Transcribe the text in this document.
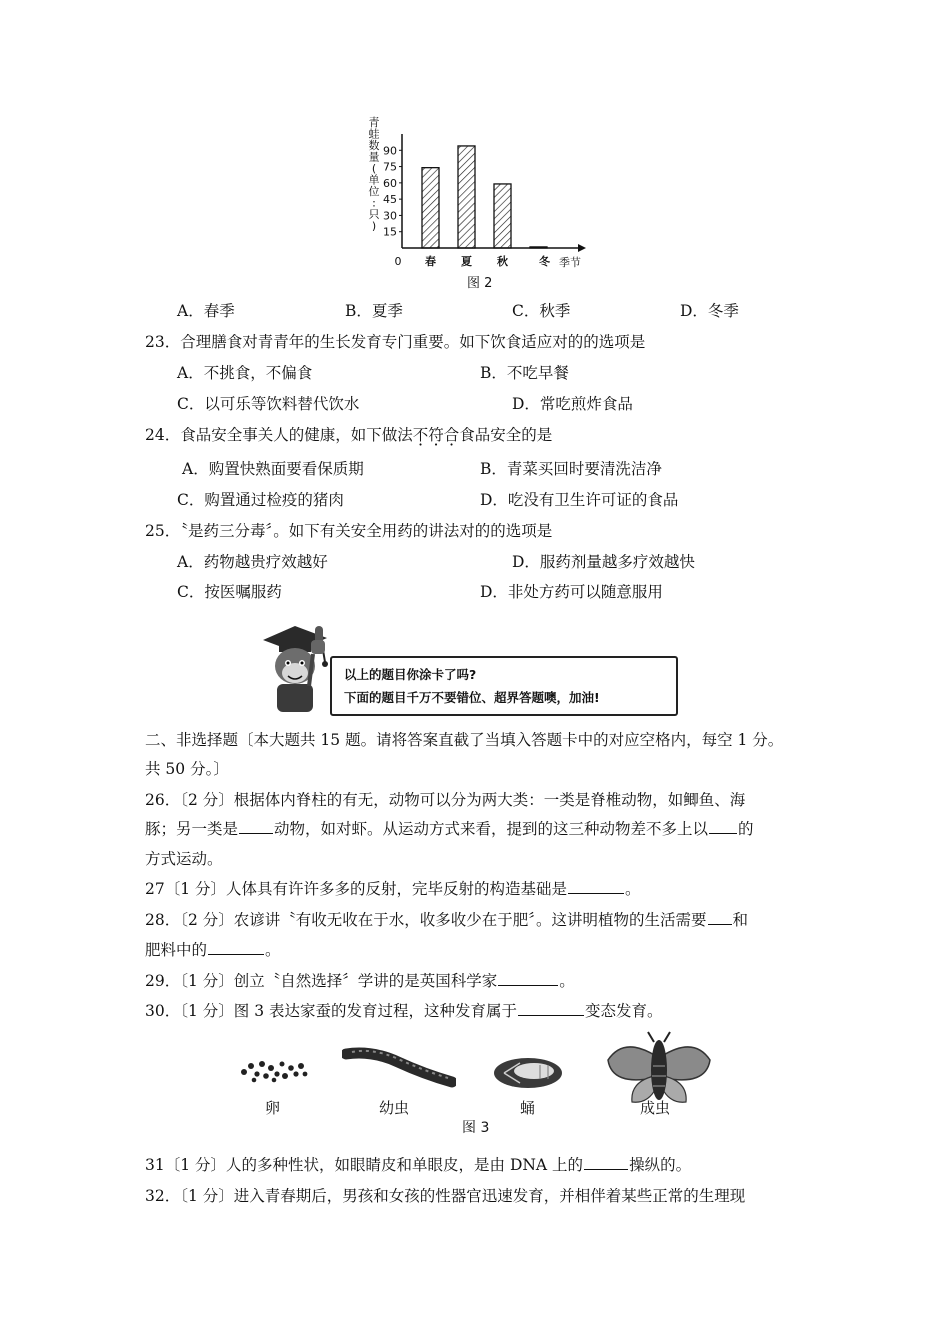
青
蛙
数
量
(
单
位
:
只
) 15
30
45
60
75
90
春 夏 秋	冬
0	季节
图 2
A．春季	B．夏季	C．秋季	D．冬季
23．合理膳食对青青年的生长发育专门重要。如下饮食适应对的的选项是
A．不挑食，不偏食	B．不吃早餐
C．以可乐等饮料替代饮水	D．常吃煎炸食品
24．食品安全事关人的健康，如下做法不符合食品安全的是
A．购置快熟面要看保质期	B．青菜买回时要清洗洁净
C．购置通过检疫的猪肉	D．吃没有卫生许可证的食品
25．〝是药三分毒〞。如下有关安全用药的讲法对的的选项是
A．药物越贵疗效越好	D．服药剂量越多疗效越快
C．按医嘱服药	D．非处方药可以随意服用
以上的题目你涂卡了吗?
下面的题目千万不要错位、超界答题噢，加油!
二、非选择题〔本大题共 15 题。请将答案直截了当填入答题卡中的对应空格内，每空 1 分。
共 50 分。〕
26．〔2 分〕根据体内脊柱的有无，动物可以分为两大类：一类是脊椎动物，如鲫鱼、海
豚；另一类是 动物，如对虾。从运动方式来看，提到的这三种动物差不多上以 的
方式运动。
27〔1 分〕人体具有许许多多的反射，完毕反射的构造基础是	。
28．〔2 分〕农谚讲〝有收无收在于水，收多收少在于肥〞。这讲明植物的生活需要 和
肥料中的	。
29．〔1 分〕创立〝自然选择〞学讲的是英国科学家	。
30．〔1 分〕图 3 表达家蚕的发育过程，这种发育属于	变态发育。
卵	幼虫	蛹	成虫
图 3
31〔1 分〕人的多种性状，如眼睛皮和单眼皮，是由 DNA 上的	操纵的。
32．〔1 分〕进入青春期后，男孩和女孩的性器官迅速发育，并相伴着某些正常的生理现
